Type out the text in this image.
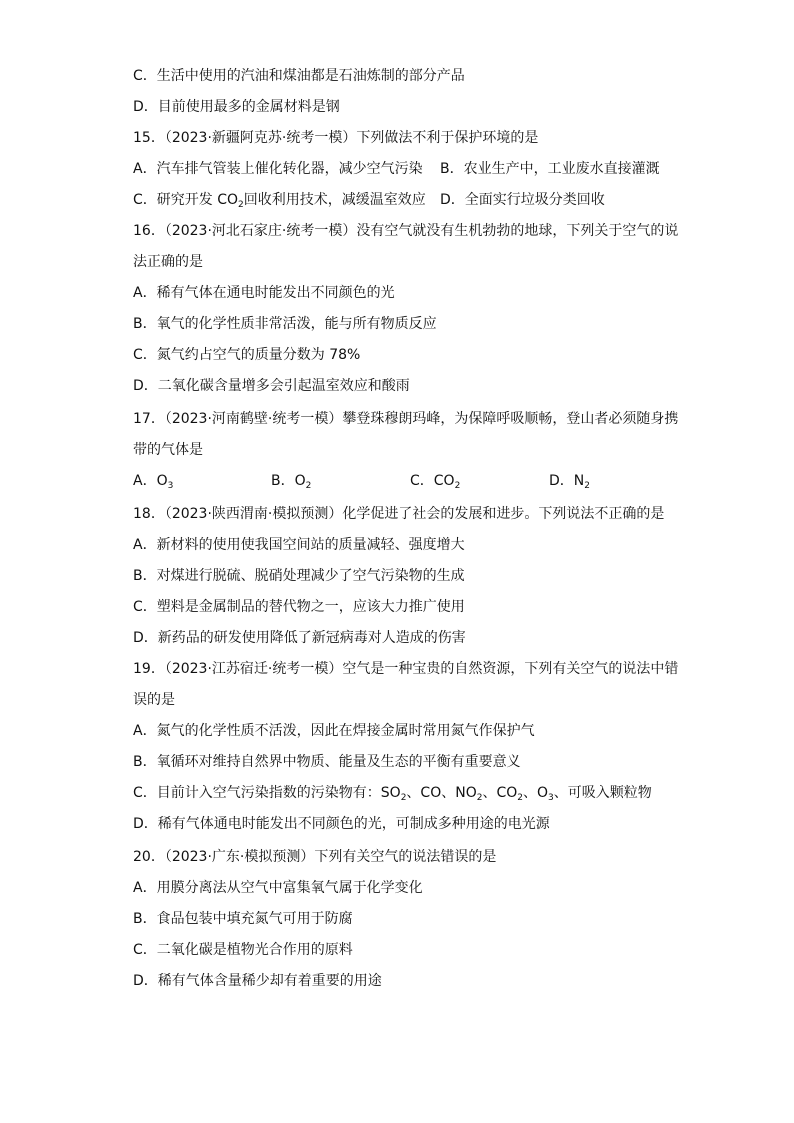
C．生活中使用的汽油和煤油都是石油炼制的部分产品
D．目前使用最多的金属材料是钢
15．（2023·新疆阿克苏·统考一模）下列做法不利于保护环境的是
A．汽车排气管装上催化转化器，减少空气污染 B．农业生产中，工业废水直接灌溉
C．研究开发 $CO_2$回收利用技术，减缓温室效应 D．全面实行垃圾分类回收
16．（2023·河北石家庄·统考一模）没有空气就没有生机勃勃的地球，下列关于空气的说
法正确的是
A．稀有气体在通电时能发出不同颜色的光
B．氧气的化学性质非常活泼，能与所有物质反应
C．氮气约占空气的质量分数为 78%
D．二氧化碳含量增多会引起温室效应和酸雨
17．（2023·河南鹤壁·统考一模）攀登珠穆朗玛峰，为保障呼吸顺畅，登山者必须随身携
带的气体是
A．$O_3$	B．$O_2$	C．$CO_2$	D．$N_2$
18．（2023·陕西渭南·模拟预测）化学促进了社会的发展和进步。下列说法不正确的是
A．新材料的使用使我国空间站的质量减轻、强度增大
B．对煤进行脱硫、脱硝处理减少了空气污染物的生成
C．塑料是金属制品的替代物之一，应该大力推广使用
D．新药品的研发使用降低了新冠病毒对人造成的伤害
19．（2023·江苏宿迁·统考一模）空气是一种宝贵的自然资源，下列有关空气的说法中错
误的是
A．氮气的化学性质不活泼，因此在焊接金属时常用氮气作保护气
B．氧循环对维持自然界中物质、能量及生态的平衡有重要意义
C．目前计入空气污染指数的污染物有：$SO_2$、CO、$NO_2$、$CO_2$、$O_3$、可吸入颗粒物
D．稀有气体通电时能发出不同颜色的光，可制成多种用途的电光源
20．（2023·广东·模拟预测）下列有关空气的说法错误的是
A．用膜分离法从空气中富集氧气属于化学变化
B．食品包装中填充氮气可用于防腐
C．二氧化碳是植物光合作用的原料
D．稀有气体含量稀少却有着重要的用途
